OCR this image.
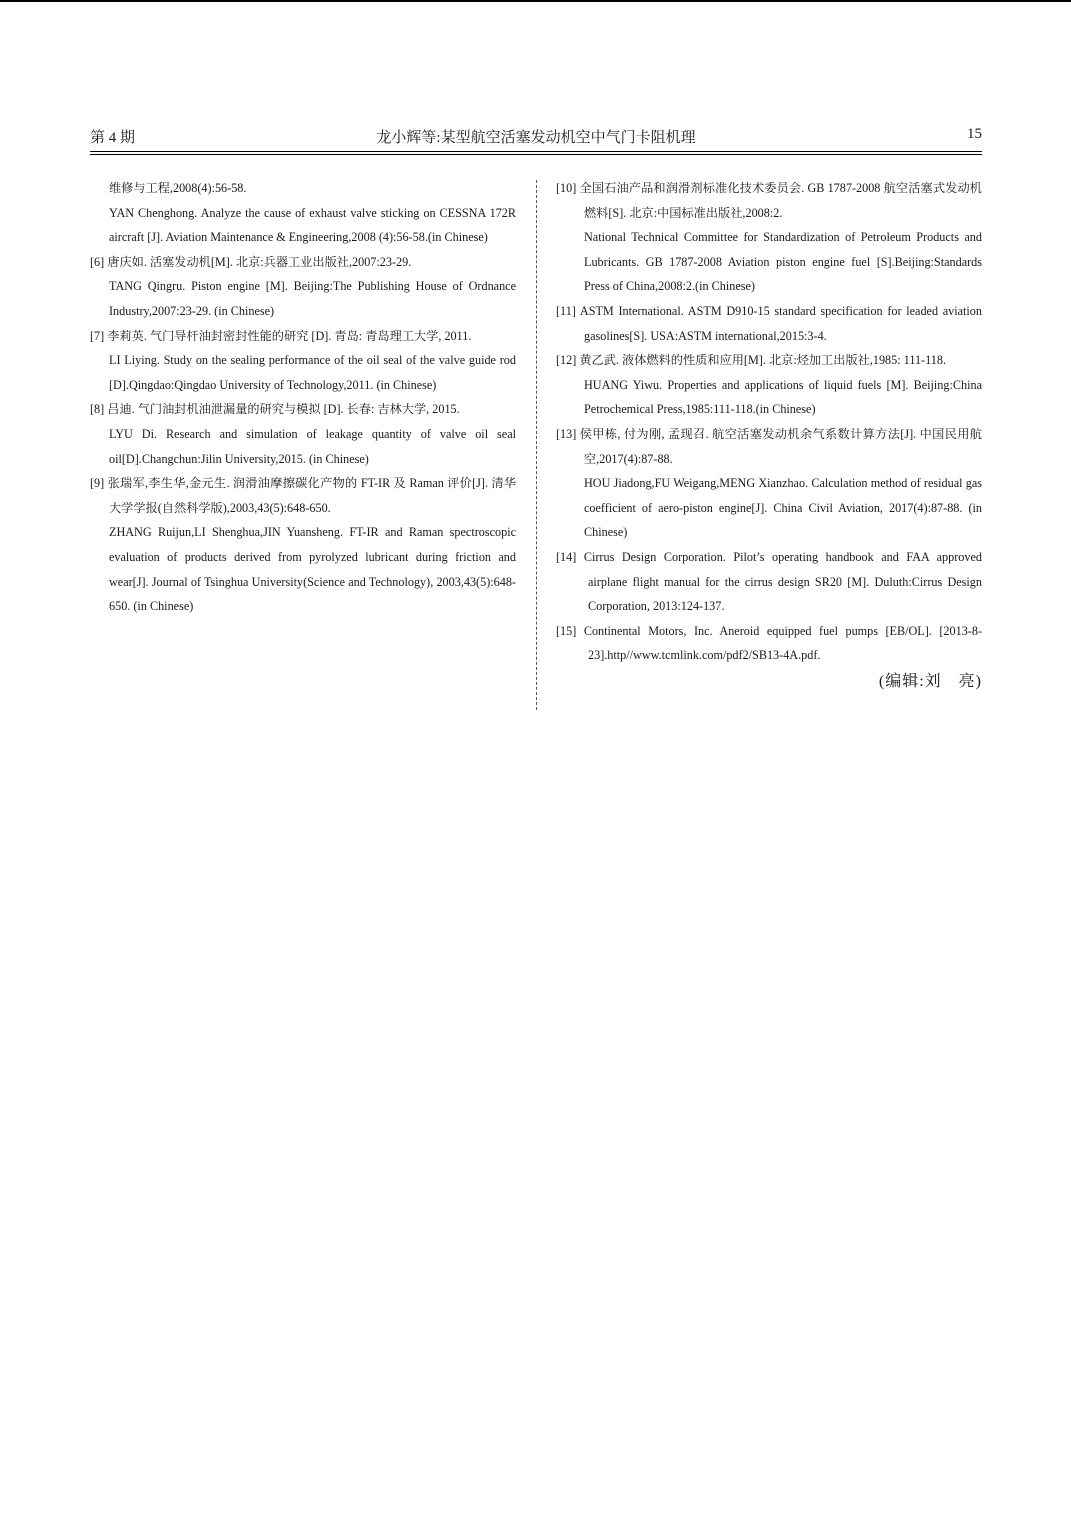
第 4 期	龙小辉等:某型航空活塞发动机空中气门卡阻机理	15
维修与工程,2008(4):56-58.
YAN Chenghong. Analyze the cause of exhaust valve sticking on CESSNA 172R aircraft [J]. Aviation Maintenance & Engineering,2008 (4):56-58.(in Chinese)
[6] 唐庆如. 活塞发动机[M]. 北京:兵器工业出版社,2007:23-29.
TANG Qingru. Piston engine [M]. Beijing:The Publishing House of Ordnance Industry,2007:23-29. (in Chinese)
[7] 李莉英. 气门导杆油封密封性能的研究 [D]. 青岛: 青岛理工大学, 2011.
LI Liying. Study on the sealing performance of the oil seal of the valve guide rod [D].Qingdao:Qingdao University of Technology,2011. (in Chinese)
[8] 吕迪. 气门油封机油泄漏量的研究与模拟 [D]. 长春: 吉林大学, 2015.
LYU Di. Research and simulation of leakage quantity of valve oil seal oil[D].Changchun:Jilin University,2015. (in Chinese)
[9] 张瑞军,李生华,金元生. 润滑油摩擦碳化产物的 FT-IR 及 Raman 评价[J]. 清华大学学报(自然科学版),2003,43(5):648-650.
ZHANG Ruijun,LI Shenghua,JIN Yuansheng. FT-IR and Raman spectroscopic evaluation of products derived from pyrolyzed lubricant during friction and wear[J]. Journal of Tsinghua University(Science and Technology), 2003,43(5):648-650. (in Chinese)
[10] 全国石油产品和润滑剂标准化技术委员会. GB 1787-2008 航空活塞式发动机燃料[S]. 北京:中国标准出版社,2008:2.
National Technical Committee for Standardization of Petroleum Products and Lubricants. GB 1787-2008 Aviation piston engine fuel [S].Beijing:Standards Press of China,2008:2.(in Chinese)
[11] ASTM International. ASTM D910-15 standard specification for leaded aviation gasolines[S]. USA:ASTM international,2015:3-4.
[12] 黄乙武. 液体燃料的性质和应用[M]. 北京:烃加工出版社,1985: 111-118.
HUANG Yiwu. Properties and applications of liquid fuels [M]. Beijing:China Petrochemical Press,1985:111-118.(in Chinese)
[13] 侯甲栋, 付为刚, 孟现召. 航空活塞发动机余气系数计算方法[J]. 中国民用航空,2017(4):87-88.
HOU Jiadong,FU Weigang,MENG Xianzhao. Calculation method of residual gas coefficient of aero-piston engine[J]. China Civil Aviation, 2017(4):87-88. (in Chinese)
[14] Cirrus Design Corporation. Pilot’s operating handbook and FAA approved airplane flight manual for the cirrus design SR20 [M]. Duluth:Cirrus Design Corporation, 2013:124-137.
[15] Continental Motors, Inc. Aneroid equipped fuel pumps [EB/OL]. [2013-8-23].http//www.tcmlink.com/pdf2/SB13-4A.pdf.
(编辑:刘　亮)
